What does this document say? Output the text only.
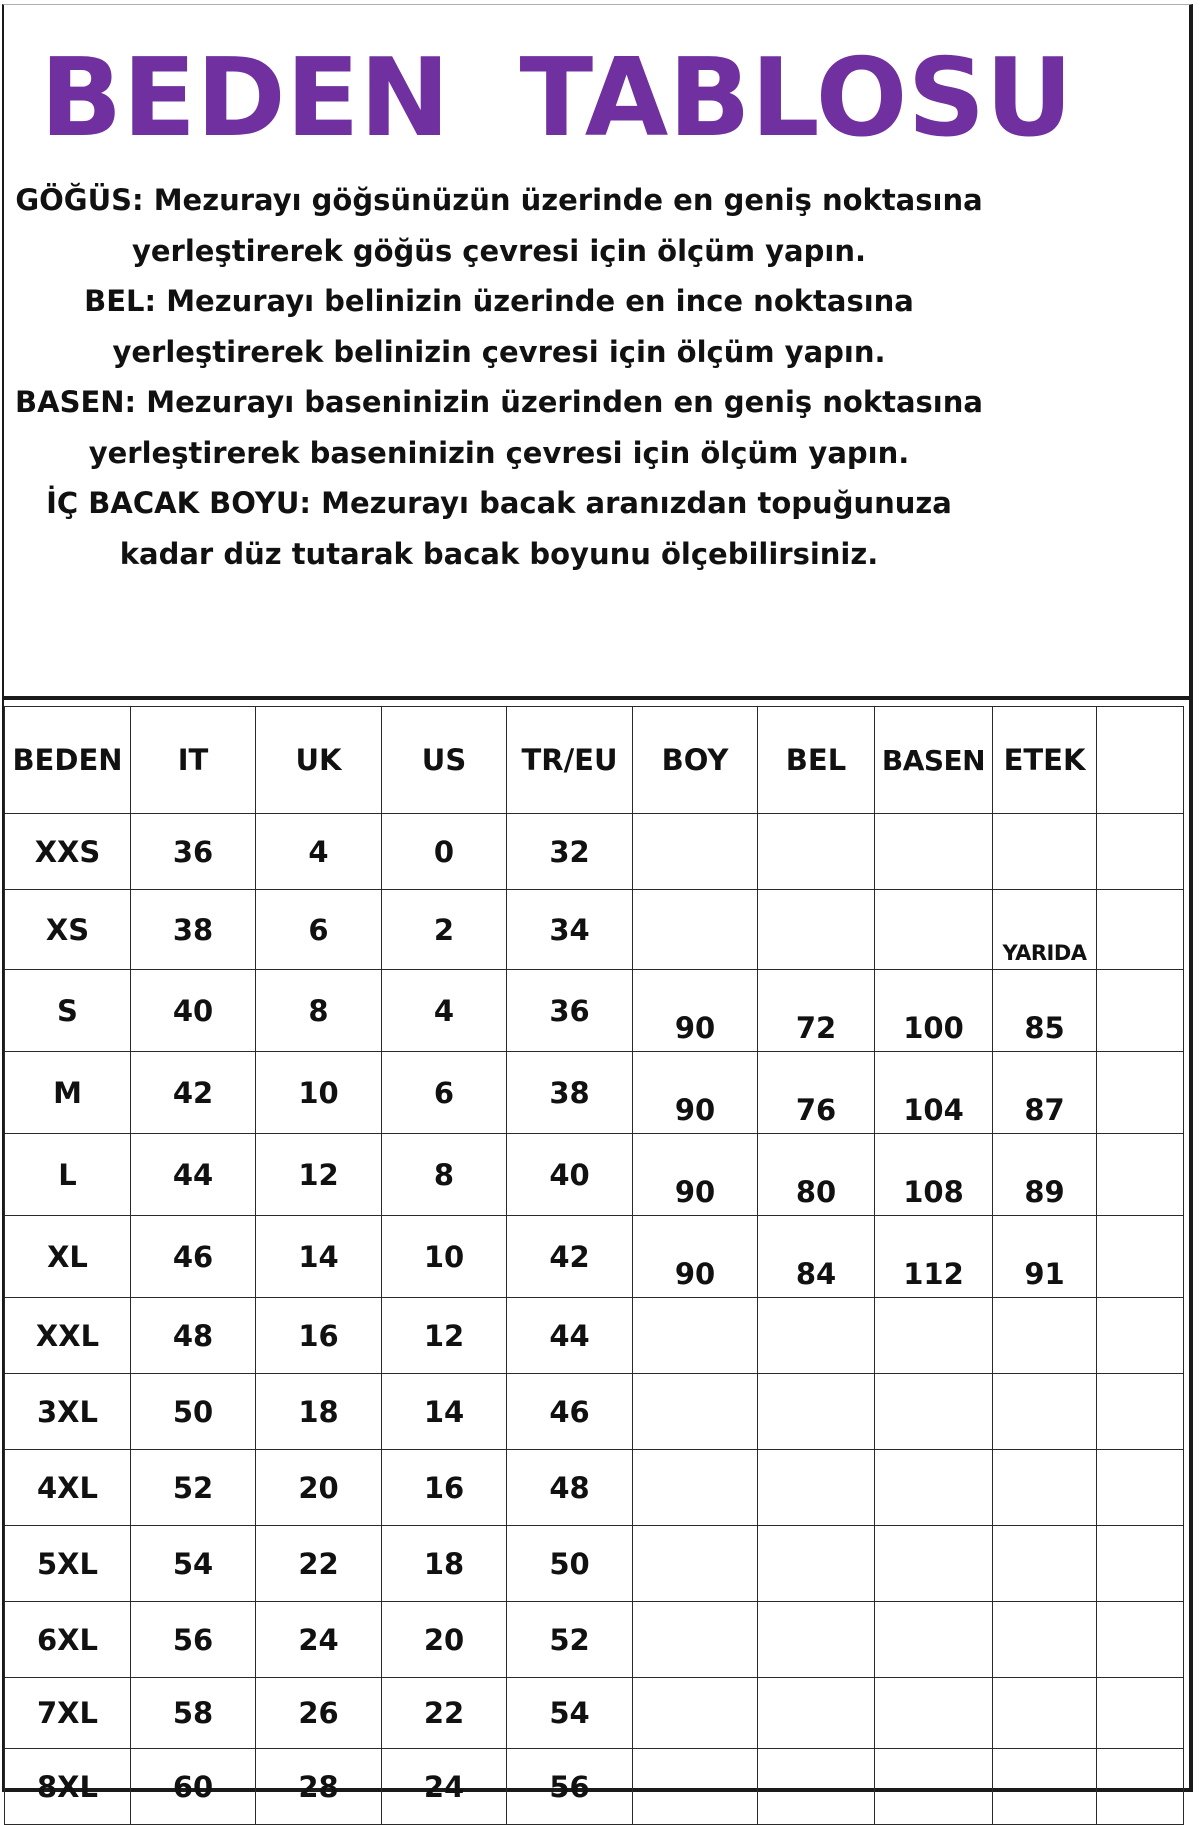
BEDEN TABLOSU
GÖĞÜS: Mezurayı göğsünüzün üzerinde en geniş noktasına
yerleştirerek göğüs çevresi için ölçüm yapın.
BEL: Mezurayı belinizin üzerinde en ince noktasına
yerleştirerek belinizin çevresi için ölçüm yapın.
BASEN: Mezurayı baseninizin üzerinden en geniş noktasına
yerleştirerek baseninizin çevresi için ölçüm yapın.
İÇ BACAK BOYU: Mezurayı bacak aranızdan topuğunuza
kadar düz tutarak bacak boyunu ölçebilirsiniz.
BEDEN	IT	UK	US	TR/EU	BOY	BEL	BASEN	ETEK	
XXS	36	4	0	32					
XS	38	6	2	34				YARIDA	
S	40	8	4	36	90	72	100	85	
M	42	10	6	38	90	76	104	87	
L	44	12	8	40	90	80	108	89	
XL	46	14	10	42	90	84	112	91	
XXL	48	16	12	44					
3XL	50	18	14	46					
4XL	52	20	16	48					
5XL	54	22	18	50					
6XL	56	24	20	52					
7XL	58	26	22	54					
8XL	60	28	24	56					
